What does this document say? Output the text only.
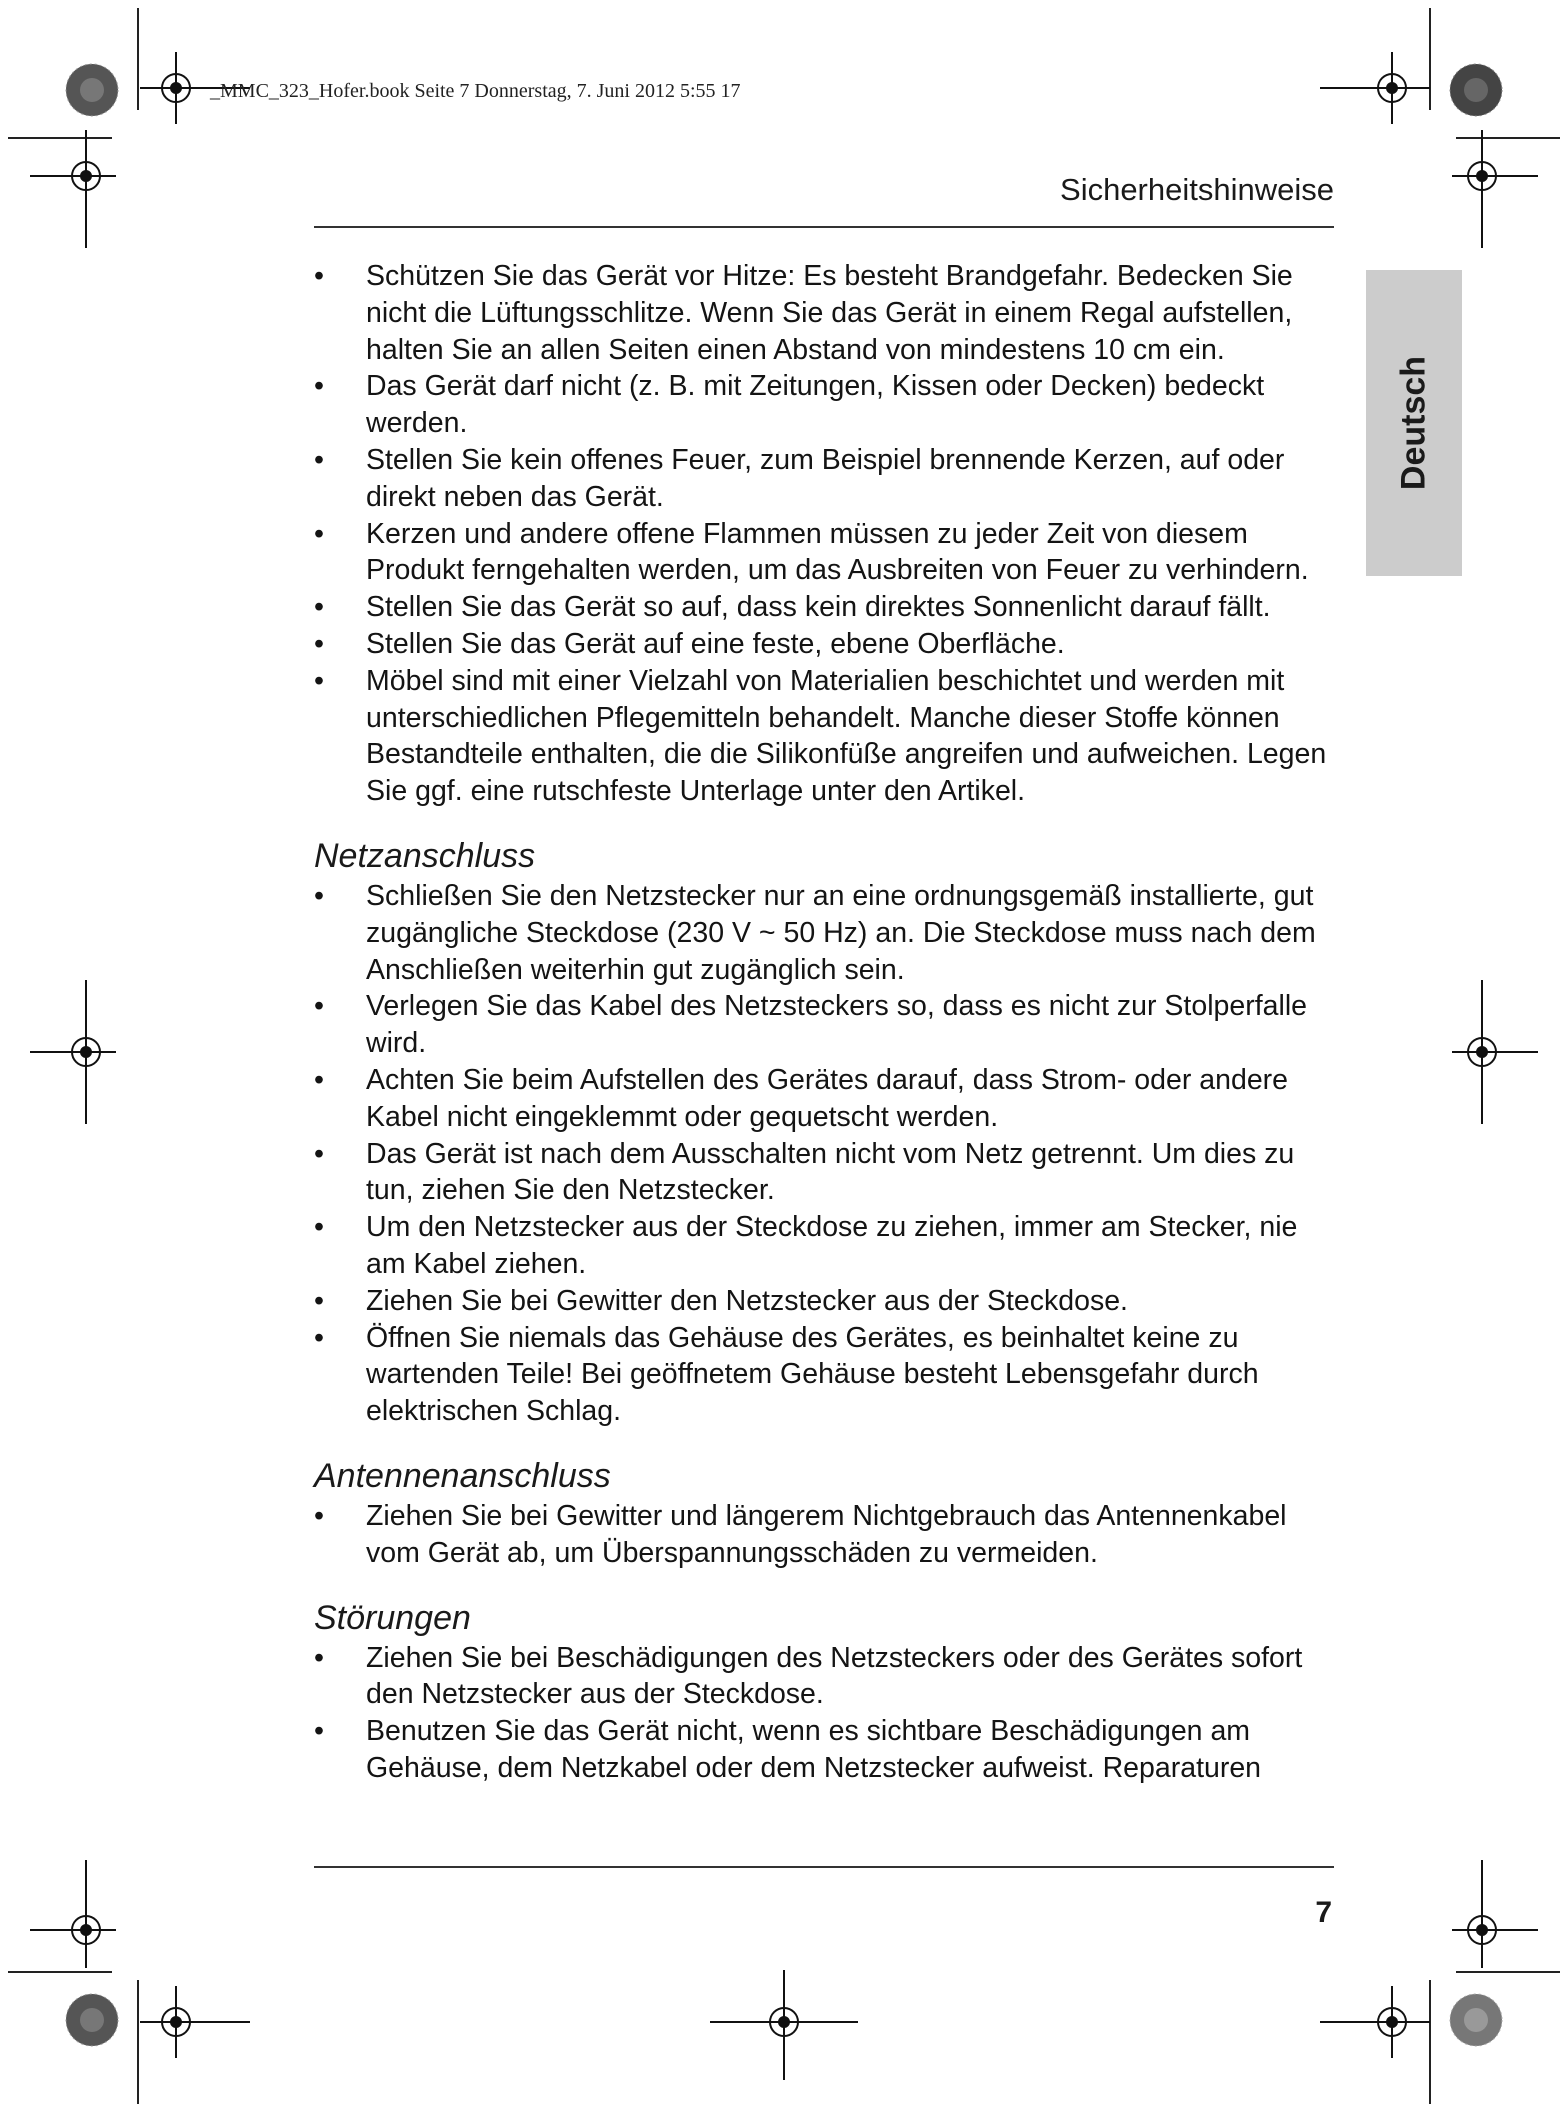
_MMC_323_Hofer.book Seite 7 Donnerstag, 7. Juni 2012 5:55 17
Sicherheitshinweise
Deutsch
• Schützen Sie das Gerät vor Hitze: Es besteht Brandgefahr. Bedecken Sie nicht die Lüftungsschlitze. Wenn Sie das Gerät in einem Regal aufstellen, halten Sie an allen Seiten einen Abstand von mindestens 10 cm ein.
• Das Gerät darf nicht (z. B. mit Zeitungen, Kissen oder Decken) bedeckt werden.
• Stellen Sie kein offenes Feuer, zum Beispiel brennende Kerzen, auf oder direkt neben das Gerät.
• Kerzen und andere offene Flammen müssen zu jeder Zeit von diesem Produkt ferngehalten werden, um das Ausbreiten von Feuer zu verhindern.
• Stellen Sie das Gerät so auf, dass kein direktes Sonnenlicht darauf fällt.
• Stellen Sie das Gerät auf eine feste, ebene Oberfläche.
• Möbel sind mit einer Vielzahl von Materialien beschichtet und werden mit unterschiedlichen Pflegemitteln behandelt. Manche dieser Stoffe können Bestandteile enthalten, die die Silikonfüße angreifen und aufweichen. Legen Sie ggf. eine rutschfeste Unterlage unter den Artikel.
Netzanschluss
• Schließen Sie den Netzstecker nur an eine ordnungsgemäß installierte, gut zugängliche Steckdose (230 V ~ 50 Hz) an. Die Steckdose muss nach dem Anschließen weiterhin gut zugänglich sein.
• Verlegen Sie das Kabel des Netzsteckers so, dass es nicht zur Stolperfalle wird.
• Achten Sie beim Aufstellen des Gerätes darauf, dass Strom- oder andere Kabel nicht eingeklemmt oder gequetscht werden.
• Das Gerät ist nach dem Ausschalten nicht vom Netz getrennt. Um dies zu tun, ziehen Sie den Netzstecker.
• Um den Netzstecker aus der Steckdose zu ziehen, immer am Stecker, nie am Kabel ziehen.
• Ziehen Sie bei Gewitter den Netzstecker aus der Steckdose.
• Öffnen Sie niemals das Gehäuse des Gerätes, es beinhaltet keine zu wartenden Teile! Bei geöffnetem Gehäuse besteht Lebensgefahr durch elektrischen Schlag.
Antennenanschluss
• Ziehen Sie bei Gewitter und längerem Nichtgebrauch das Antennenkabel vom Gerät ab, um Überspannungsschäden zu vermeiden.
Störungen
• Ziehen Sie bei Beschädigungen des Netzsteckers oder des Gerätes sofort den Netzstecker aus der Steckdose.
• Benutzen Sie das Gerät nicht, wenn es sichtbare Beschädigungen am Gehäuse, dem Netzkabel oder dem Netzstecker aufweist. Reparaturen
7
